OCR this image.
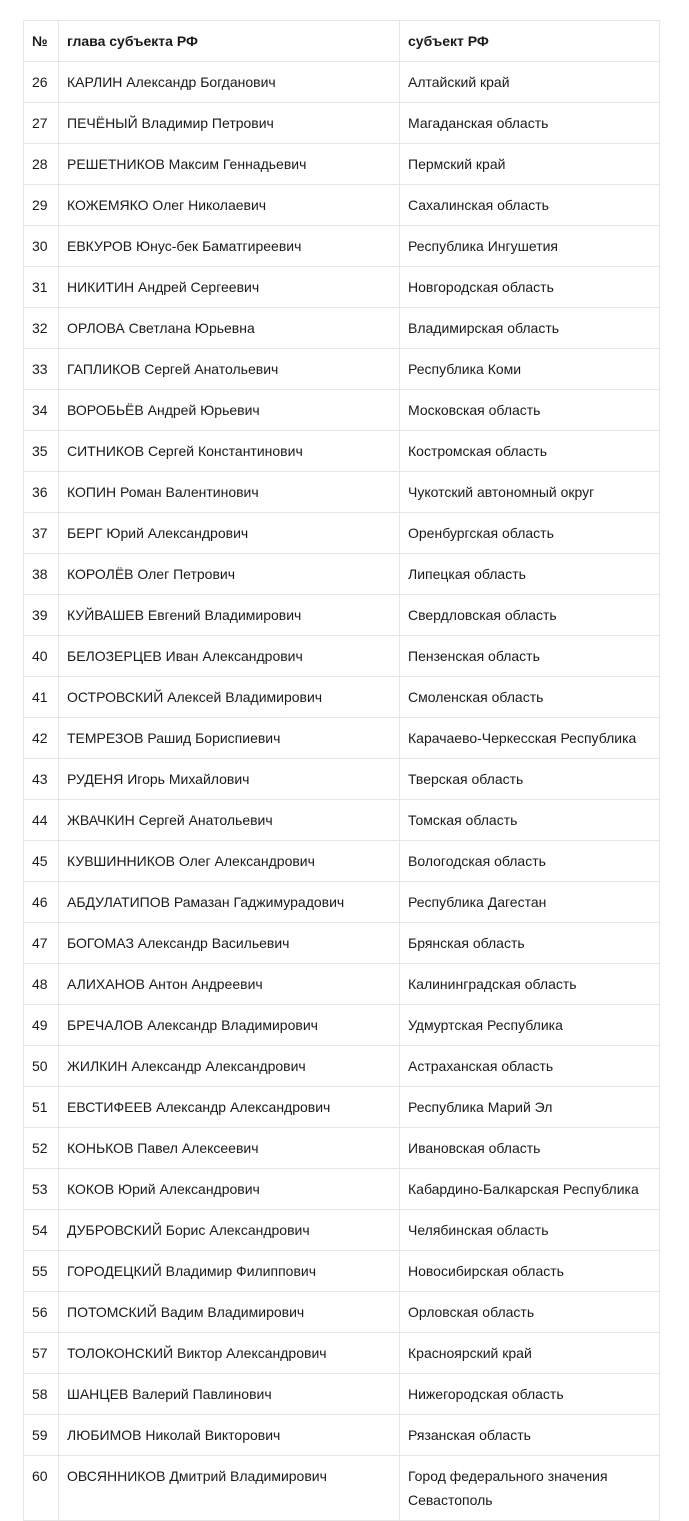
№	глава субъекта РФ	субъект РФ

26	КАРЛИН Александр Богданович	Алтайский край

27	ПЕЧЁНЫЙ Владимир Петрович	Магаданская область

28	РЕШЕТНИКОВ Максим Геннадьевич	Пермский край

29	КОЖЕМЯКО Олег Николаевич	Сахалинская область

30	ЕВКУРОВ Юнус-бек Баматгиреевич	Республика Ингушетия

31	НИКИТИН Андрей Сергеевич	Новгородская область

32	ОРЛОВА Светлана Юрьевна	Владимирская область

33	ГАПЛИКОВ Сергей Анатольевич	Республика Коми

34	ВОРОБЬЁВ Андрей Юрьевич	Московская область

35	СИТНИКОВ Сергей Константинович	Костромская область

36	КОПИН Роман Валентинович	Чукотский автономный округ

37	БЕРГ Юрий Александрович	Оренбургская область

38	КОРОЛЁВ Олег Петрович	Липецкая область

39	КУЙВАШЕВ Евгений Владимирович	Свердловская область

40	БЕЛОЗЕРЦЕВ Иван Александрович	Пензенская область

41	ОСТРОВСКИЙ Алексей Владимирович	Смоленская область

42	ТЕМРЕЗОВ Рашид Бориспиевич	Карачаево-Черкесская Республика

43	РУДЕНЯ Игорь Михайлович	Тверская область

44	ЖВАЧКИН Сергей Анатольевич	Томская область

45	КУВШИННИКОВ Олег Александрович	Вологодская область

46	АБДУЛАТИПОВ Рамазан Гаджимурадович	Республика Дагестан

47	БОГОМАЗ Александр Васильевич	Брянская область

48	АЛИХАНОВ Антон Андреевич	Калининградская область

49	БРЕЧАЛОВ Александр Владимирович	Удмуртская Республика

50	ЖИЛКИН Александр Александрович	Астраханская область

51	ЕВСТИФЕЕВ Александр Александрович	Республика Марий Эл

52	КОНЬКОВ Павел Алексеевич	Ивановская область

53	КОКОВ Юрий Александрович	Кабардино-Балкарская Республика

54	ДУБРОВСКИЙ Борис Александрович	Челябинская область

55	ГОРОДЕЦКИЙ Владимир Филиппович	Новосибирская область

56	ПОТОМСКИЙ Вадим Владимирович	Орловская область

57	ТОЛОКОНСКИЙ Виктор Александрович	Красноярский край

58	ШАНЦЕВ Валерий Павлинович	Нижегородская область

59	ЛЮБИМОВ Николай Викторович	Рязанская область

60	ОВСЯННИКОВ Дмитрий Владимирович	Город федерального значения Севастополь
